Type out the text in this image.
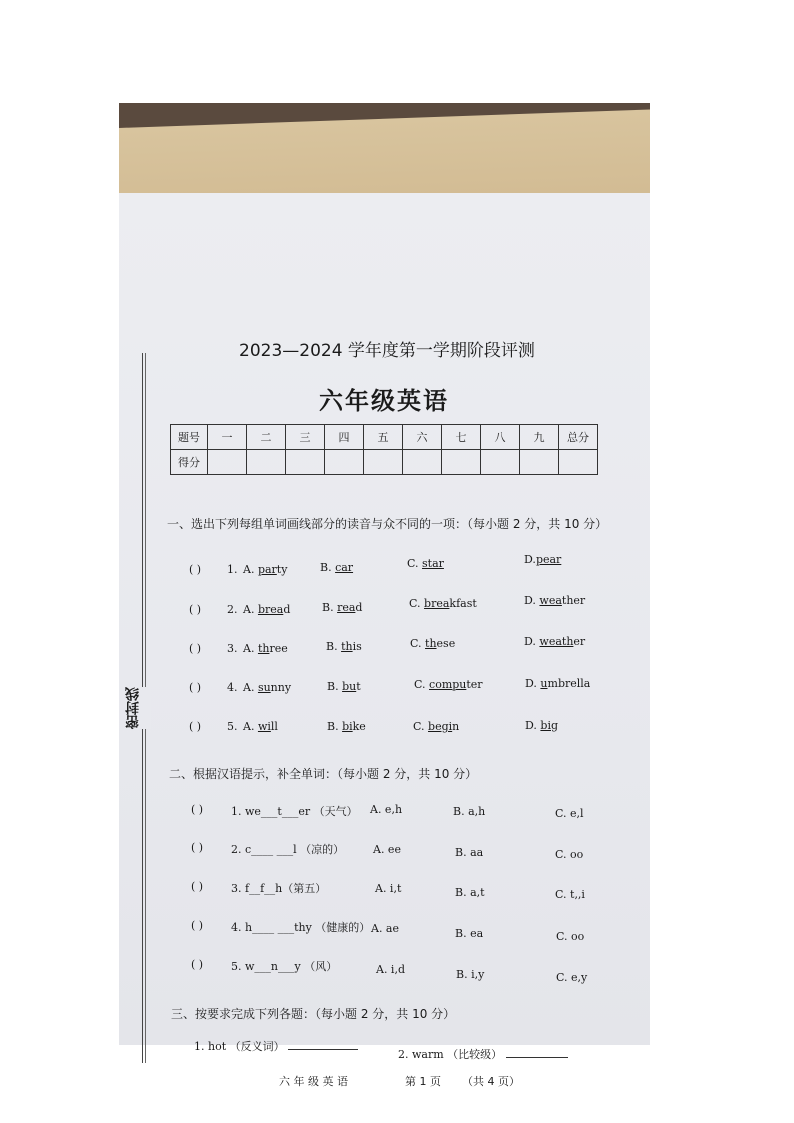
密封线
2023—2024 学年度第一学期阶段评测
六年级英语
题号	一	二	三	四	五	六	七	八	九	总分
得分										
一、选出下列每组单词画线部分的读音与众不同的一项：（每小题 2 分，共 10 分）
( ) 1. A. party	B. car	C. star	D.pear
( ) 2. A. bread	B. read	C. breakfast	D. weather
( ) 3. A. three	B. this	C. these	D. weather
( ) 4. A. sunny	B. but	C. computer	D. umbrella
( ) 5. A. will	B. bike	C. begin	D. big
二、根据汉语提示，补全单词：（每小题 2 分，共 10 分）
( )	1. we___t___er （天气） A. e,h	B. a,h	C. e,l
( )	2. c____ ___l （凉的）	A. ee	B. aa	C. oo
( )	3. f__f__h（第五）	A. i,t	B. a,t	C. t,,i
( )	4. h____ ___thy （健康的） A. ae	B. ea	C. oo
( )	5. w___n___y （风）	A. i,d	B. i,y	C. e,y
三、按要求完成下列各题：（每小题 2 分，共 10 分）
1. hot （反义词）
2. warm （比较级）
六 年 级 英 语	第 1 页 （共 4 页）
